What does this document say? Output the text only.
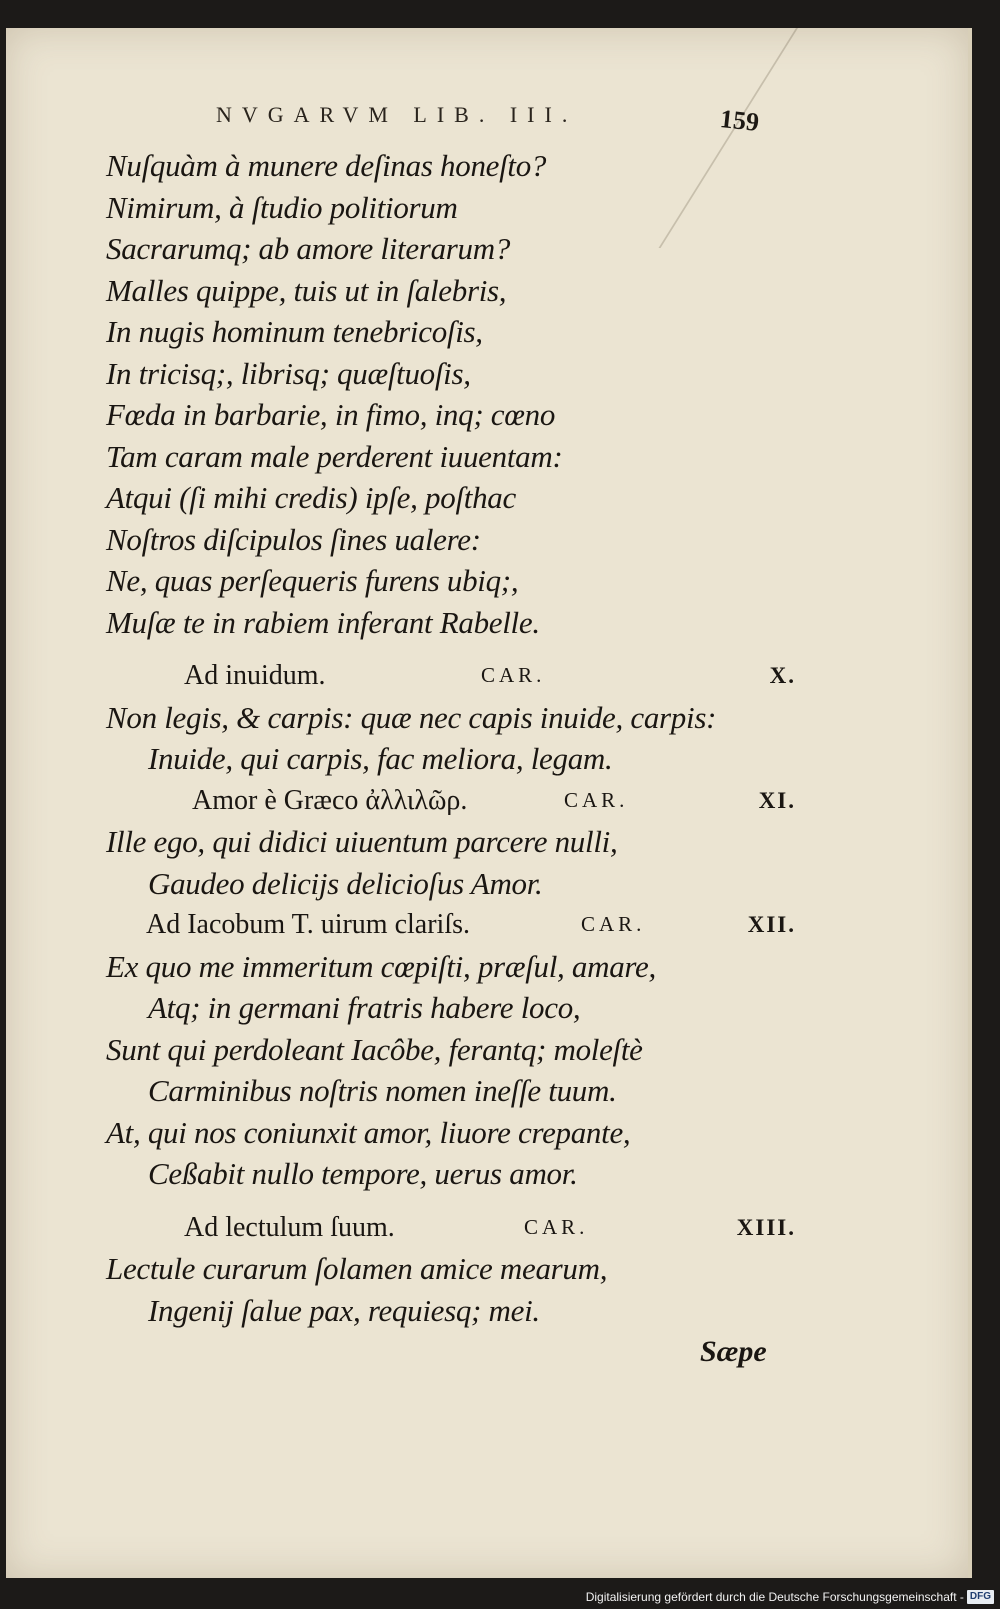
NVGARVM LIB. III.	159
Nuſquàm à munere deſinas honeſto?
Nimirum, à ſtudio politiorum
Sacrarumq; ab amore literarum?
Malles quippe, tuis ut in ſalebris,
In nugis hominum tenebricoſis,
In tricisq;, librisq; quæſtuoſis,
Fœda in barbarie, in fimo, inq; cœno
Tam caram male perderent iuuentam:
Atqui (ſi mihi credis) ipſe, poſthac
Noſtros diſcipulos ſines ualere:
Ne, quas perſequeris furens ubiq;,
Muſæ te in rabiem inferant Rabelle.
Ad inuidum.	CAR.	X.
Non legis, & carpis: quæ nec capis inuide, carpis:
Inuide, qui carpis, fac meliora, legam.
Amor è Græco ἀλλιλῶρ.	CAR.	XI.
Ille ego, qui didici uiuentum parcere nulli,
Gaudeo delicijs delicioſus Amor.
Ad Iacobum T. uirum clariſs.	CAR.	XII.
Ex quo me immeritum cœpiſti, præſul, amare,
Atq; in germani fratris habere loco,
Sunt qui perdoleant Iacôbe, ferantq; moleſtè
Carminibus noſtris nomen ineſſe tuum.
At, qui nos coniunxit amor, liuore crepante,
Ceßabit nullo tempore, uerus amor.
Ad lectulum ſuum.	CAR.	XIII.
Lectule curarum ſolamen amice mearum,
Ingenij ſalue pax, requiesq; mei.
Sæpe
Digitalisierung gefördert durch die Deutsche Forschungsgemeinschaft - DFG
